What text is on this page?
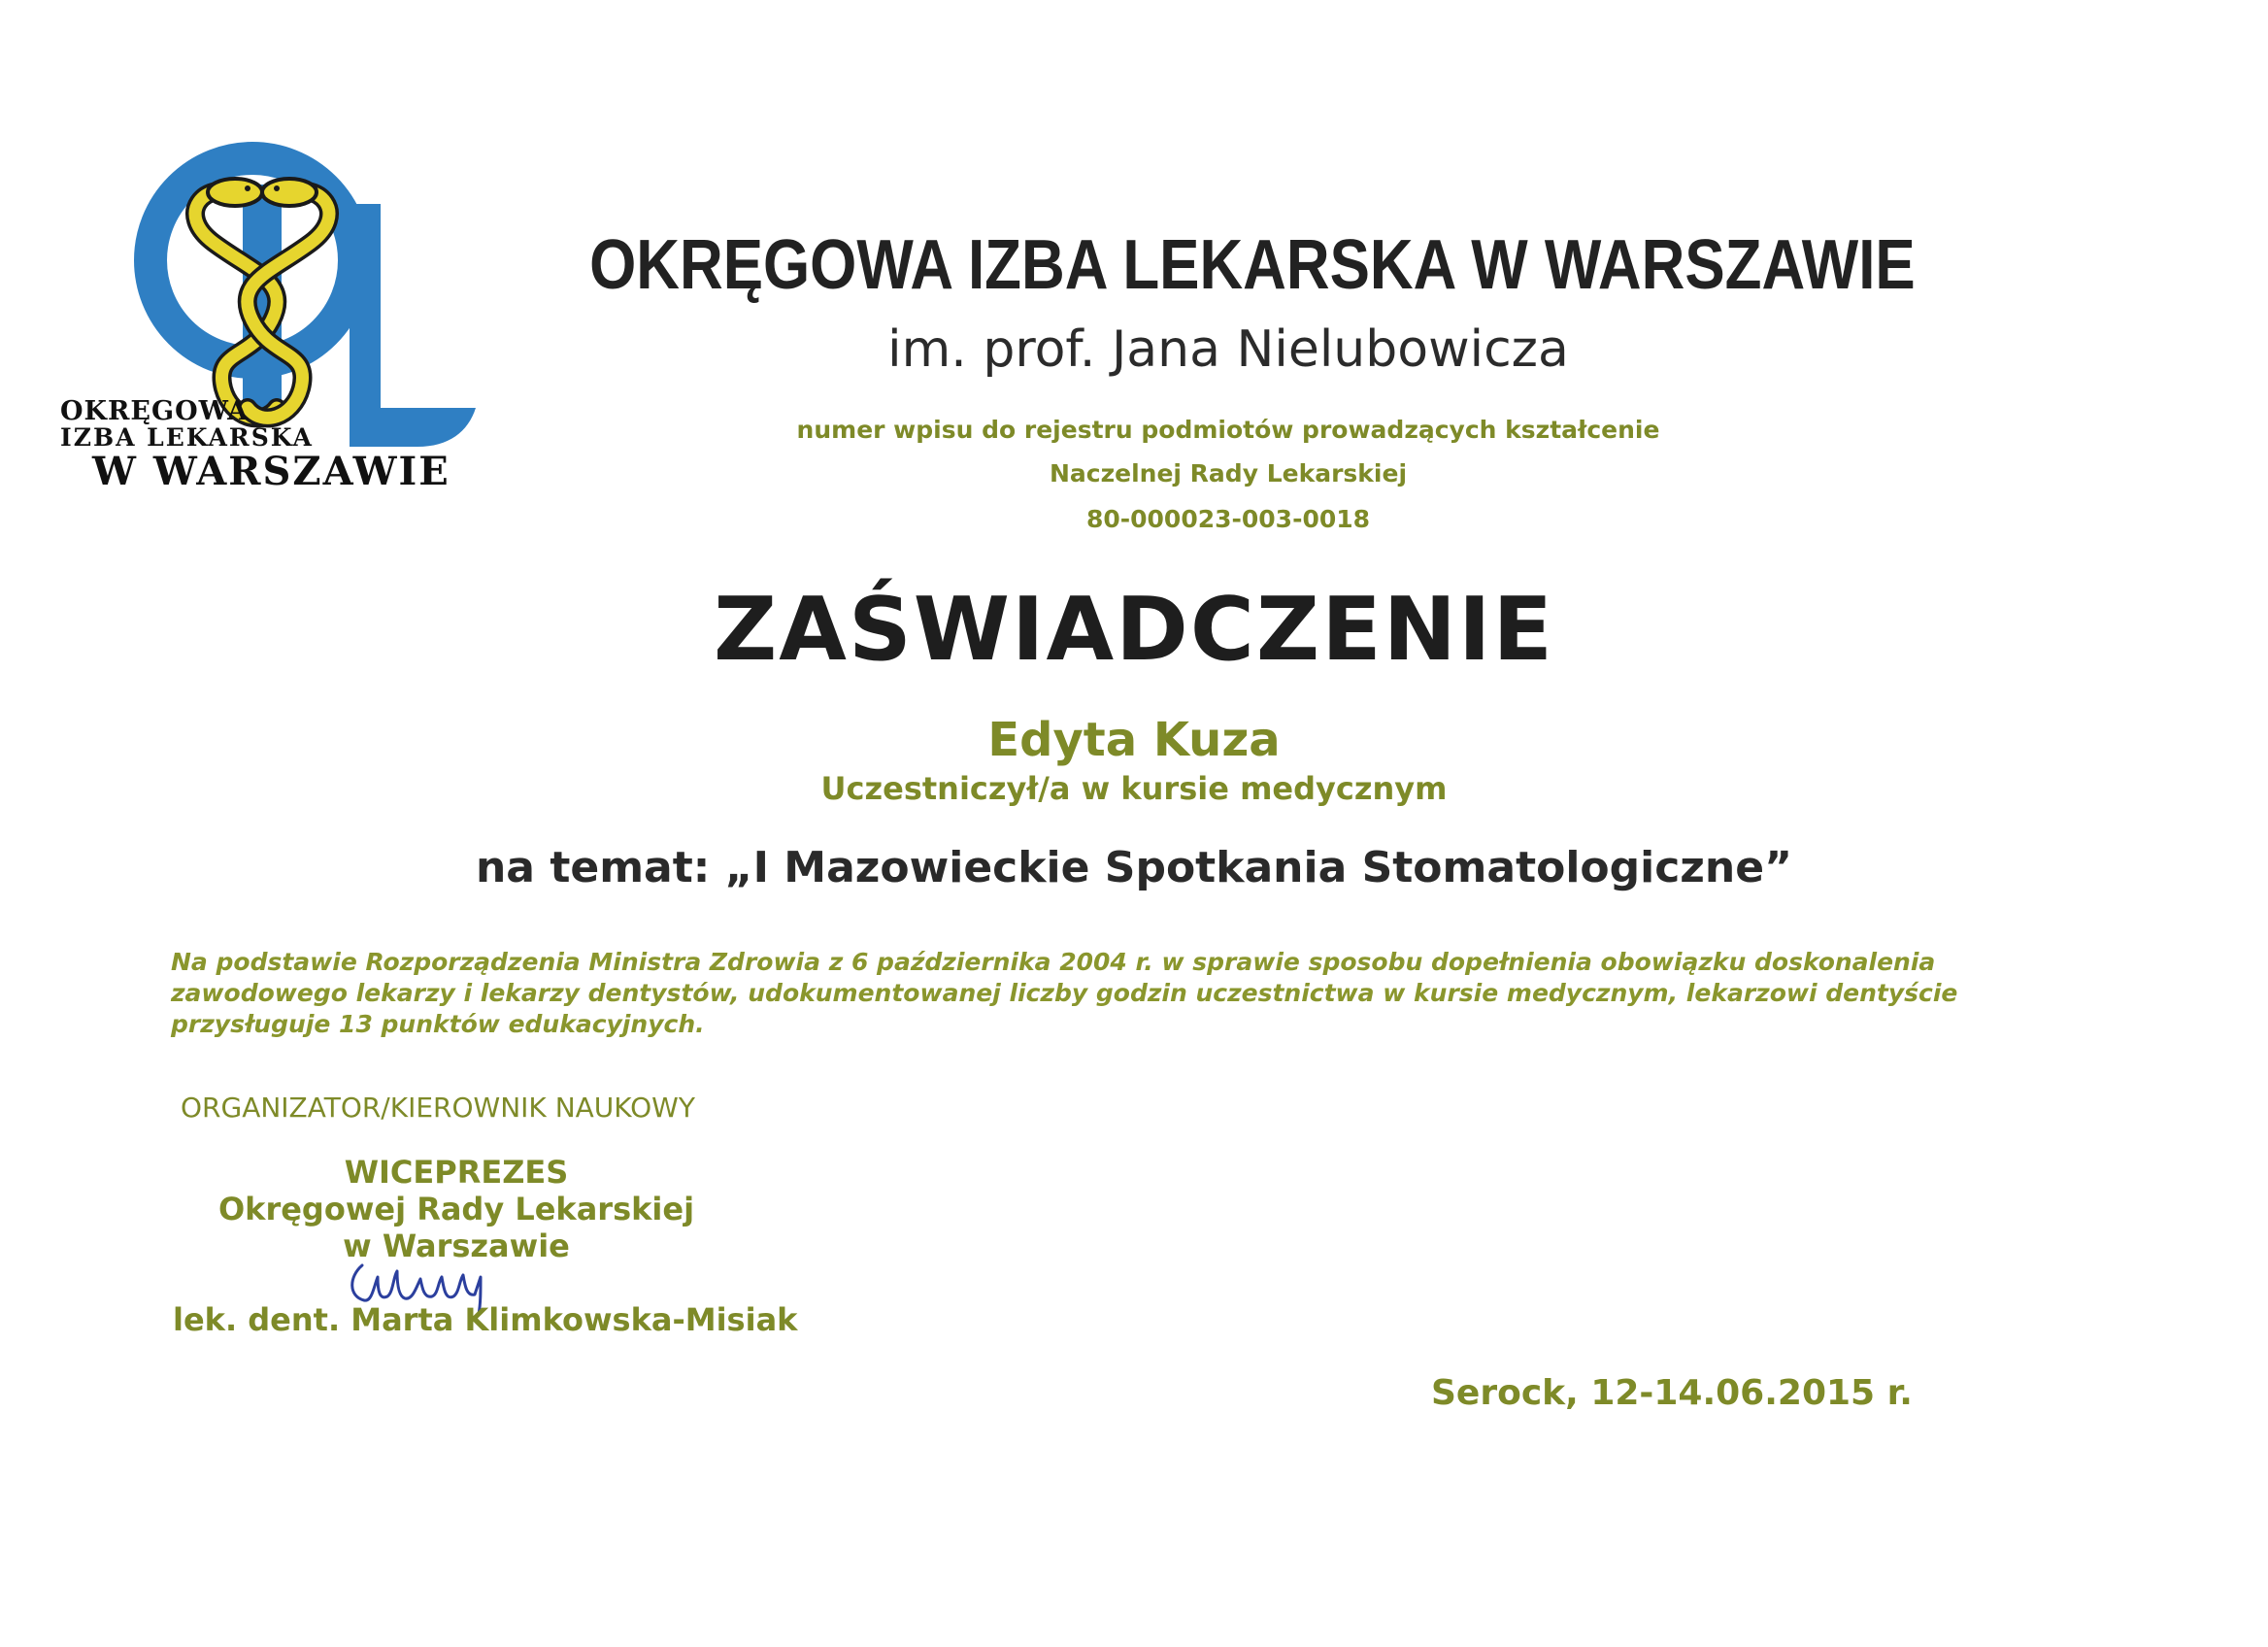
OKRĘGOWA
IZBA LEKARSKA
W WARSZAWIE
OKRĘGOWA IZBA LEKARSKA W WARSZAWIE
im. prof. Jana Nielubowicza
numer wpisu do rejestru podmiotów prowadzących kształcenie
Naczelnej Rady Lekarskiej
80-000023-003-0018
ZAŚWIADCZENIE
Edyta Kuza
Uczestniczył/a w kursie medycznym
na temat: „I Mazowieckie Spotkania Stomatologiczne”
Na podstawie Rozporządzenia Ministra Zdrowia z 6 października 2004 r. w sprawie sposobu dopełnienia obowiązku doskonalenia zawodowego lekarzy i lekarzy dentystów, udokumentowanej liczby godzin uczestnictwa w kursie medycznym, lekarzowi dentyście przysługuje 13 punktów edukacyjnych.
ORGANIZATOR/KIEROWNIK NAUKOWY
WICEPREZES
Okręgowej Rady Lekarskiej
w Warszawie
lek. dent. Marta Klimkowska-Misiak
Serock, 12-14.06.2015 r.
